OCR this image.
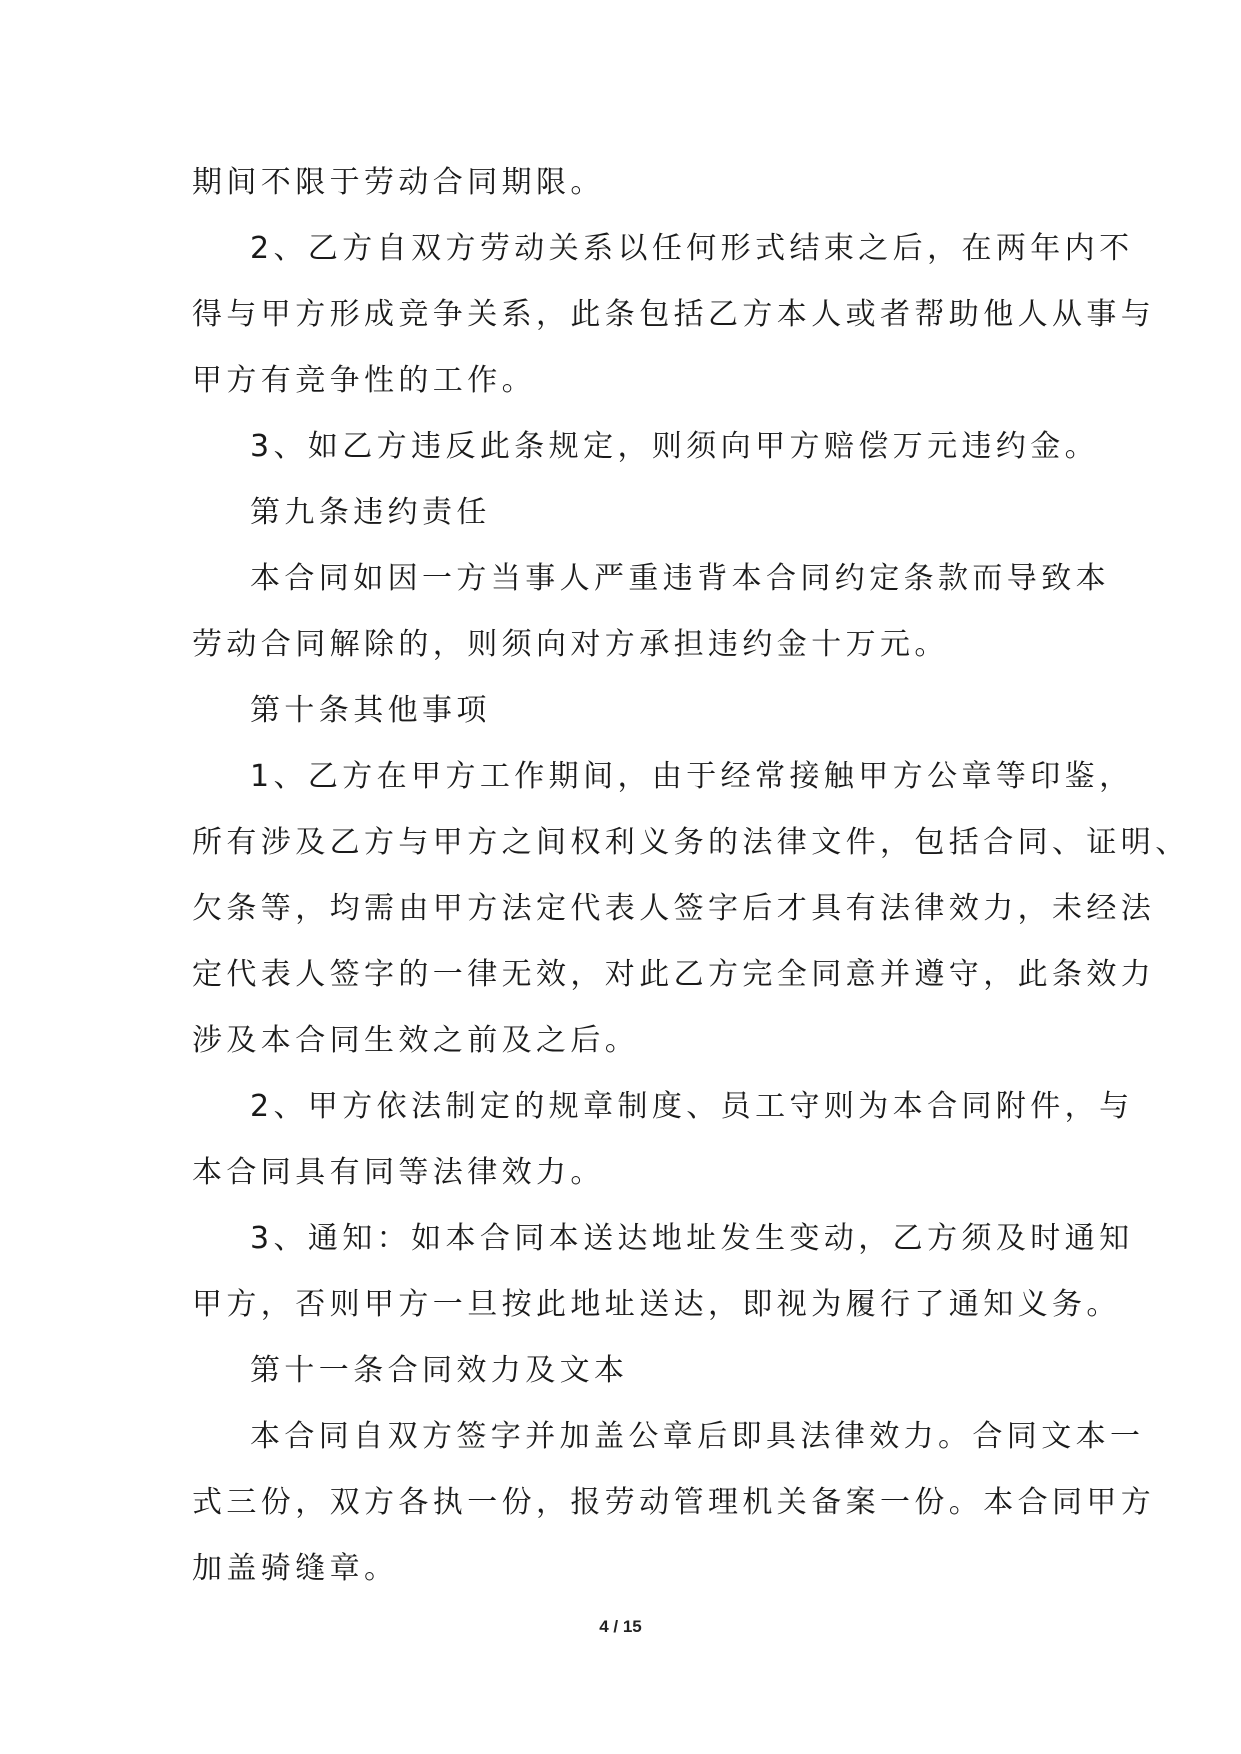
期间不限于劳动合同期限。
2、乙方自双方劳动关系以任何形式结束之后，在两年内不
得与甲方形成竞争关系，此条包括乙方本人或者帮助他人从事与
甲方有竞争性的工作。
3、如乙方违反此条规定，则须向甲方赔偿万元违约金。
第九条违约责任
本合同如因一方当事人严重违背本合同约定条款而导致本
劳动合同解除的，则须向对方承担违约金十万元。
第十条其他事项
1、乙方在甲方工作期间，由于经常接触甲方公章等印鉴，
所有涉及乙方与甲方之间权利义务的法律文件，包括合同、证明、
欠条等，均需由甲方法定代表人签字后才具有法律效力，未经法
定代表人签字的一律无效，对此乙方完全同意并遵守，此条效力
涉及本合同生效之前及之后。
2、甲方依法制定的规章制度、员工守则为本合同附件，与
本合同具有同等法律效力。
3、通知：如本合同本送达地址发生变动，乙方须及时通知
甲方，否则甲方一旦按此地址送达，即视为履行了通知义务。
第十一条合同效力及文本
本合同自双方签字并加盖公章后即具法律效力。合同文本一
式三份，双方各执一份，报劳动管理机关备案一份。本合同甲方
加盖骑缝章。
4 / 15
